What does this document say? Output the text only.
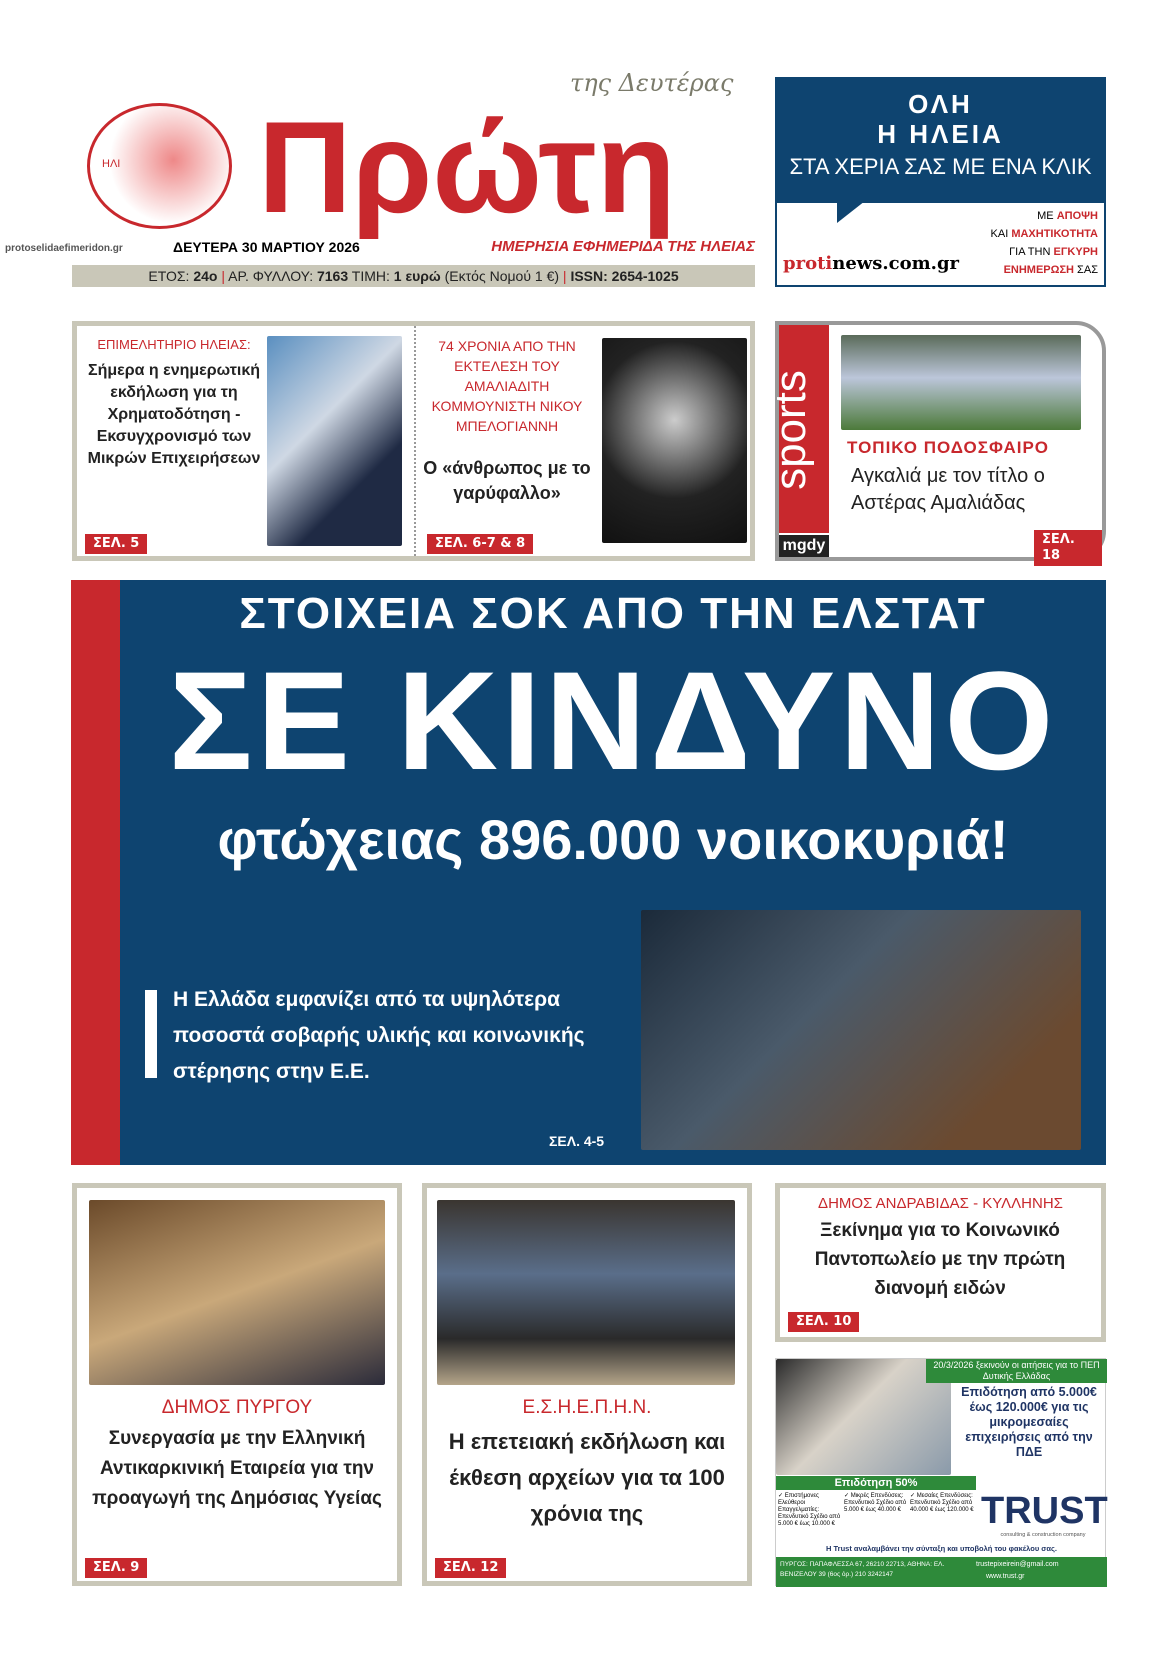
ΗΛΙ
protoselidaefimeridon.gr
της Δευτέρας
Πρώτη
ΔΕΥΤΕΡΑ 30 ΜΑΡΤΙΟΥ 2026	ΗΜΕΡΗΣΙΑ ΕΦΗΜΕΡΙΔΑ ΤΗΣ ΗΛΕΙΑΣ
ΕΤΟΣ: 24ο | ΑΡ. ΦΥΛΛΟΥ: 7163 ΤΙΜΗ: 1 ευρώ (Εκτός Νομού 1 €) | ISSN: 2654-1025
ΟΛΗ
Η ΗΛΕΙΑ
ΣΤΑ ΧΕΡΙΑ ΣΑΣ ΜΕ ΕΝΑ ΚΛΙΚ
protinews.com.gr
ΜΕ ΑΠΟΨΗ
ΚΑΙ ΜΑΧΗΤΙΚΟΤΗΤΑ
ΓΙΑ ΤΗΝ ΕΓΚΥΡΗ
ΕΝΗΜΕΡΩΣΗ ΣΑΣ
ΕΠΙΜΕΛΗΤΗΡΙΟ ΗΛΕΙΑΣ:
Σήμερα η ενημερωτική εκδήλωση για τη Χρηματοδότηση - Εκσυγχρονισμό των Μικρών Επιχειρήσεων
ΣΕΛ. 5
74 ΧΡΟΝΙΑ ΑΠΟ ΤΗΝ ΕΚΤΕΛΕΣΗ ΤΟΥ ΑΜΑΛΙΑΔΙΤΗ ΚΟΜΜΟΥΝΙΣΤΗ ΝΙΚΟΥ ΜΠΕΛΟΓΙΑΝΝΗ
Ο «άνθρωπος με το γαρύφαλλο»
ΣΕΛ. 6-7 & 8
sports
mgdy
ΤΟΠΙΚΟ ΠΟΔΟΣΦΑΙΡΟ
Αγκαλιά με τον τίτλο ο Αστέρας Αμαλιάδας
ΣΕΛ. 18
ΣΤΟΙΧΕΙΑ ΣΟΚ ΑΠΟ ΤΗΝ ΕΛΣΤΑΤ
ΣΕ ΚΙΝΔΥΝΟ
φτώχειας 896.000 νοικοκυριά!
Η Ελλάδα εμφανίζει από τα υψηλότερα ποσοστά σοβαρής υλικής και κοινωνικής στέρησης στην Ε.Ε.
ΣΕΛ. 4-5
ΔΗΜΟΣ ΠΥΡΓΟΥ
Συνεργασία με την Ελληνική Αντικαρκινική Εταιρεία για την προαγωγή της Δημόσιας Υγείας
ΣΕΛ. 9
Ε.Σ.Η.Ε.Π.Η.Ν.
Η επετειακή εκδήλωση και έκθεση αρχείων για τα 100 χρόνια της
ΣΕΛ. 12
ΔΗΜΟΣ ΑΝΔΡΑΒΙΔΑΣ - ΚΥΛΛΗΝΗΣ
Ξεκίνημα για το Κοινωνικό Παντοπωλείο με την πρώτη διανομή ειδών
ΣΕΛ. 10
20/3/2026 ξεκινούν οι αιτήσεις για το ΠΕΠ Δυτικής Ελλάδας
Επιδότηση από 5.000€ έως 120.000€ για τις μικρομεσαίες επιχειρήσεις από την ΠΔΕ
Επιδότηση 50%
✓ Επιστήμονες Ελεύθεροι Επαγγελματίες: Επενδυτικό Σχέδιο από 5.000 € έως 10.000 €
✓ Μικρές Επενδύσεις: Επενδυτικό Σχέδιο από 5.000 € έως 40.000 €
✓ Μεσαίες Επενδύσεις: Επενδυτικό Σχέδιο από 40.000 € έως 120.000 € TRUST
consulting & construction company
Η Trust αναλαμβάνει την σύνταξη και υποβολή του φακέλου σας.
ΠΥΡΓΟΣ: ΠΑΠΑΦΛΕΣΣΑ 67, 26210 22713, ΑΘΗΝΑ: ΕΛ. ΒΕΝΙΖΕΛΟΥ 39 (6ος όρ.) 210 3242147
trustepixeirein@gmail.com
www.trust.gr
